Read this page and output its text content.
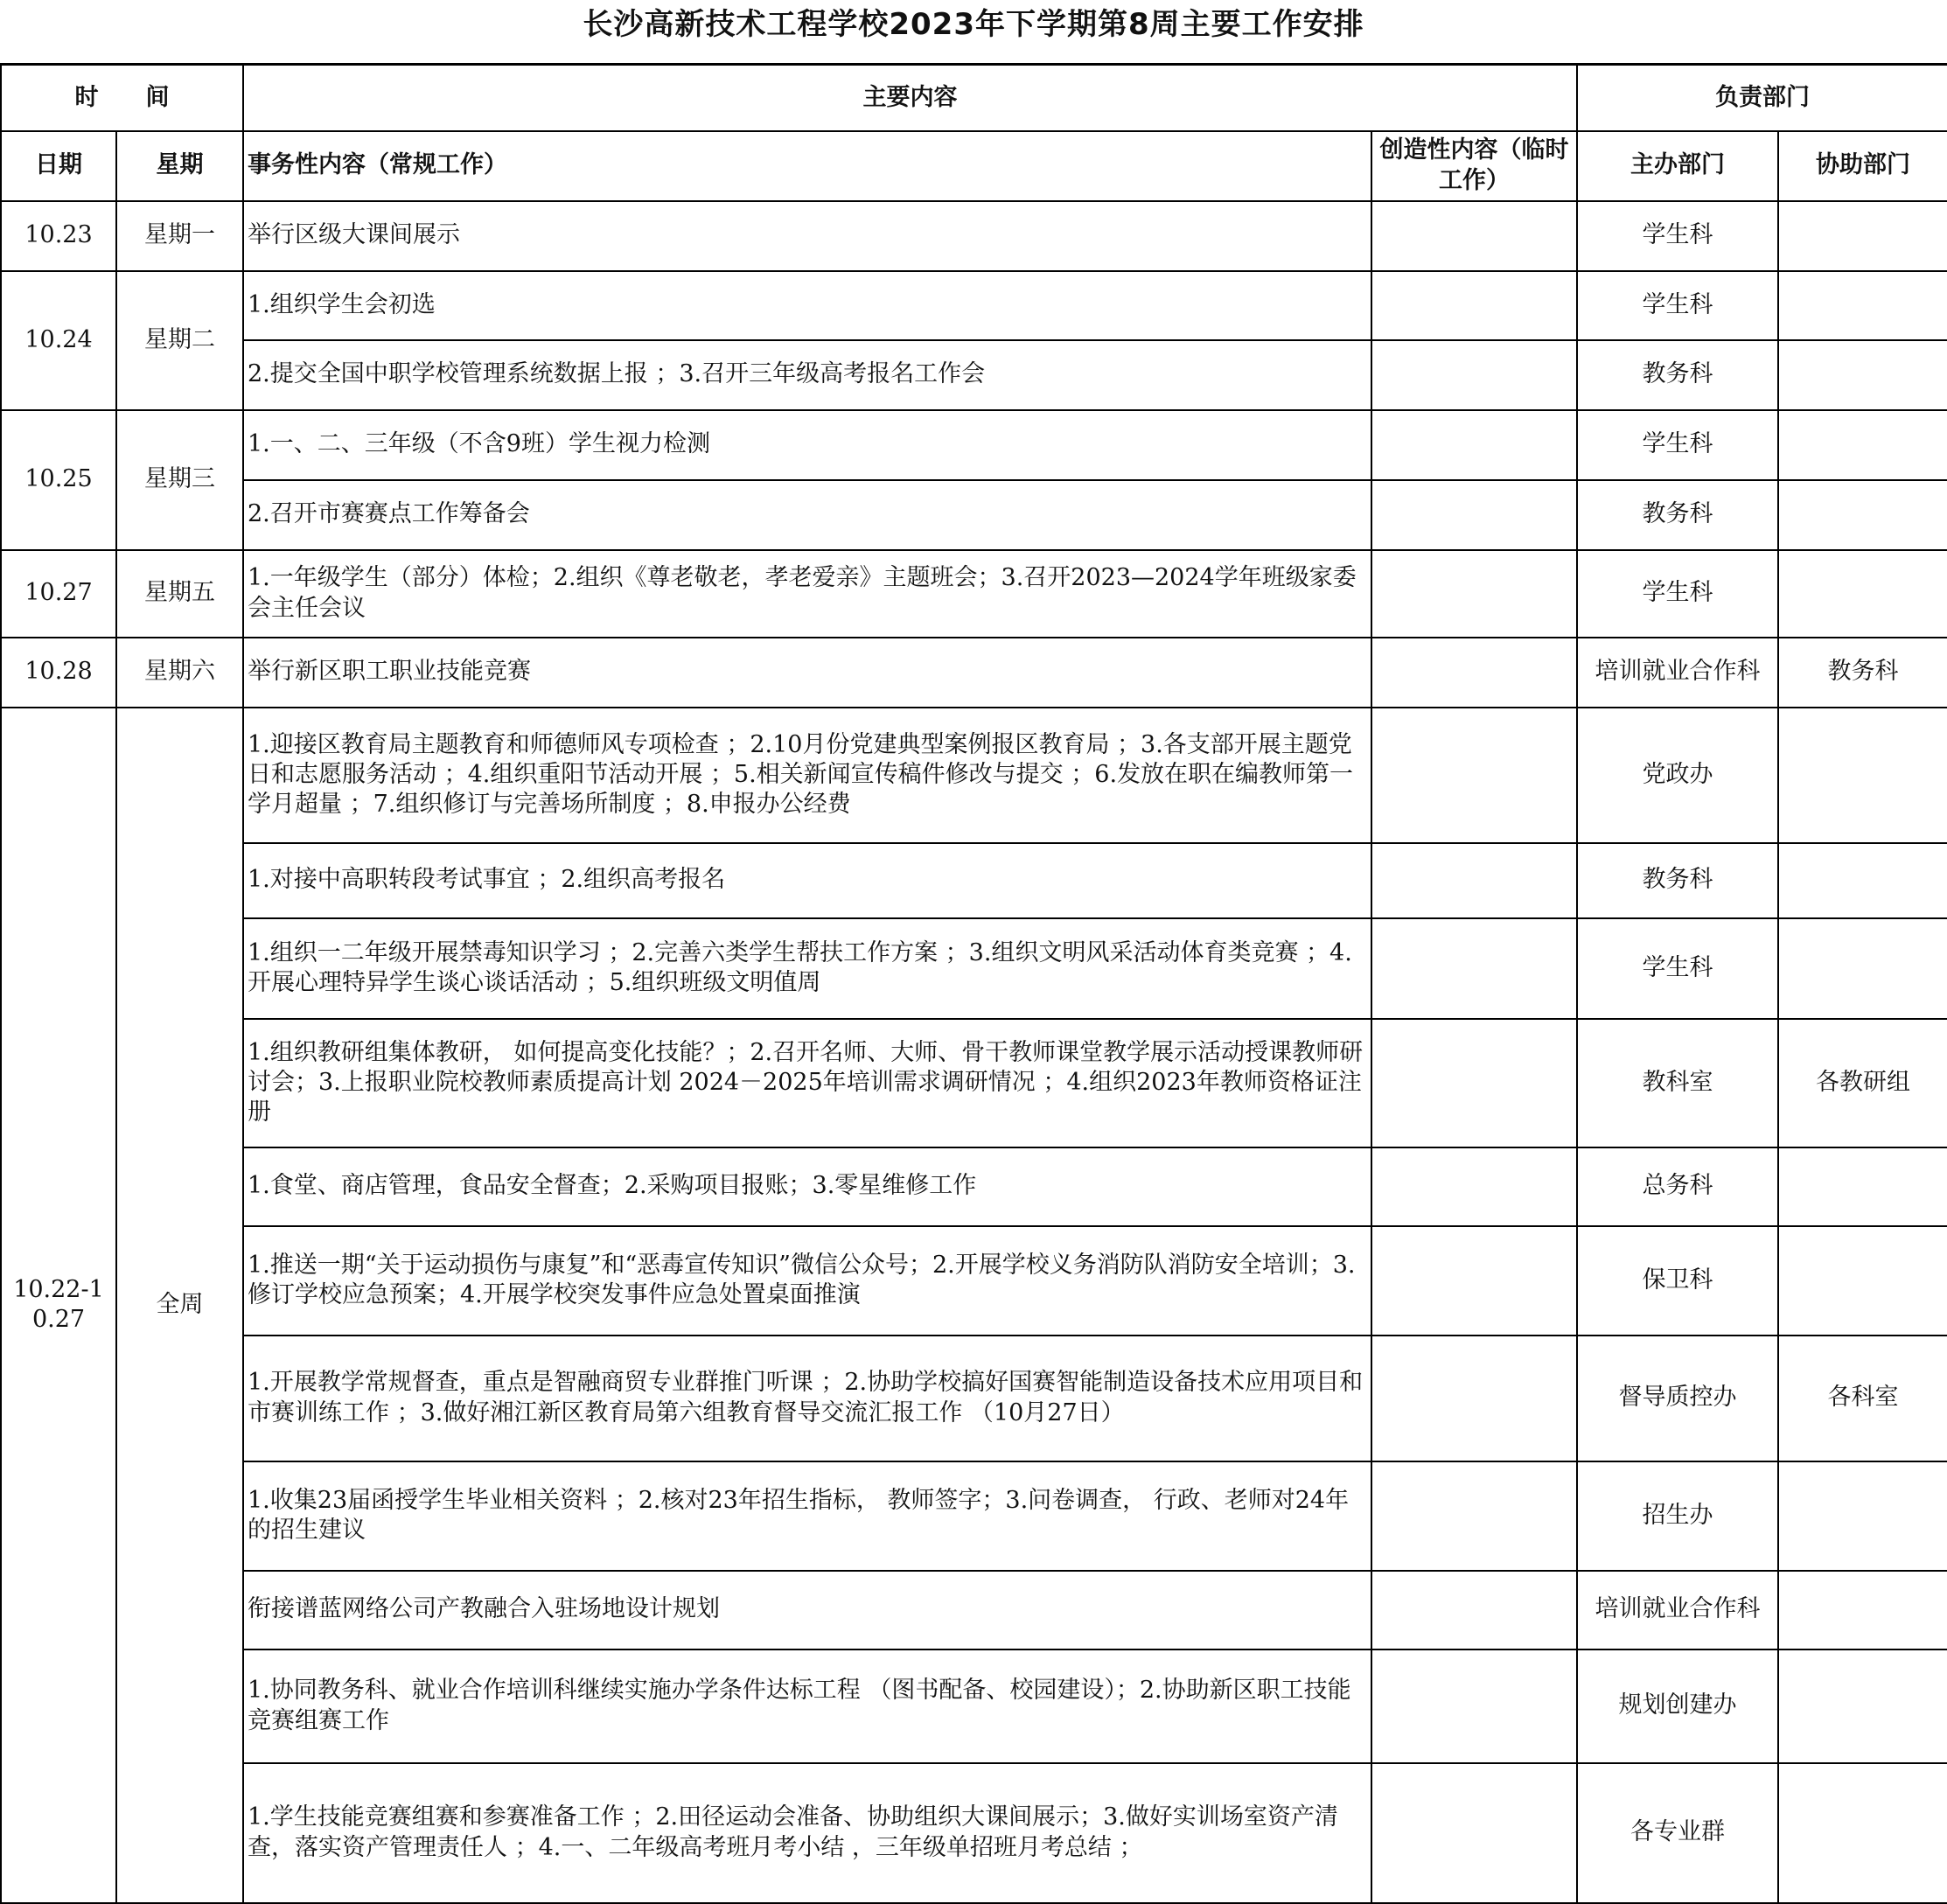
长沙高新技术工程学校2023年下学期第8周主要工作安排
时　　间		主要内容		负责部门	
日期	星期	事务性内容（常规工作）	创造性内容（临时工作）	主办部门	协助部门
10.23	星期一	举行区级大课间展示		学生科	
10.24	星期二	1.组织学生会初选		学生科	
		2.提交全国中职学校管理系统数据上报 ；3.召开三年级高考报名工作会		教务科	
10.25	星期三	1.一、二、三年级（不含9班）学生视力检测		学生科	
		2.召开市赛赛点工作筹备会		教务科	
10.27	星期五	1.一年级学生（部分）体检；2.组织《尊老敬老，孝老爱亲》主题班会；3.召开2023—2024学年班级家委会主任会议		学生科	
10.28	星期六	举行新区职工职业技能竞赛		培训就业合作科	教务科
10.22-10.27	全周	1.迎接区教育局主题教育和师德师风专项检查 ；2.10月份党建典型案例报区教育局 ；3.各支部开展主题党日和志愿服务活动 ；4.组织重阳节活动开展 ；5.相关新闻宣传稿件修改与提交 ；6.发放在职在编教师第一学月超量 ；7.组织修订与完善场所制度 ；8.申报办公经费		党政办	
		1.对接中高职转段考试事宜 ；2.组织高考报名		教务科	
		1.组织一二年级开展禁毒知识学习 ；2.完善六类学生帮扶工作方案 ；3.组织文明风采活动体育类竞赛 ；4.开展心理特异学生谈心谈话活动 ；5.组织班级文明值周		学生科	
		1.组织教研组集体教研， 如何提高变化技能？；2.召开名师、大师、骨干教师课堂教学展示活动授课教师研讨会；3.上报职业院校教师素质提高计划 2024－2025年培训需求调研情况 ；4.组织2023年教师资格证注册		教科室	各教研组
		1.食堂、商店管理，食品安全督查；2.采购项目报账；3.零星维修工作		总务科	
		1.推送一期“关于运动损伤与康复”和“恶毒宣传知识”微信公众号；2.开展学校义务消防队消防安全培训；3.修订学校应急预案；4.开展学校突发事件应急处置桌面推演		保卫科	
		1.开展教学常规督查，重点是智融商贸专业群推门听课 ；2.协助学校搞好国赛智能制造设备技术应用项目和市赛训练工作 ；3.做好湘江新区教育局第六组教育督导交流汇报工作 （10月27日）		督导质控办	各科室
		1.收集23届函授学生毕业相关资料 ；2.核对23年招生指标， 教师签字；3.问卷调查， 行政、老师对24年的招生建议		招生办	
		衔接谱蓝网络公司产教融合入驻场地设计规划		培训就业合作科	
		1.协同教务科、就业合作培训科继续实施办学条件达标工程 （图书配备、校园建设）；2.协助新区职工技能竞赛组赛工作		规划创建办	
		1.学生技能竞赛组赛和参赛准备工作 ；2.田径运动会准备、协助组织大课间展示；3.做好实训场室资产清查，落实资产管理责任人 ；4.一、二年级高考班月考小结 ，三年级单招班月考总结 ；		各专业群	
